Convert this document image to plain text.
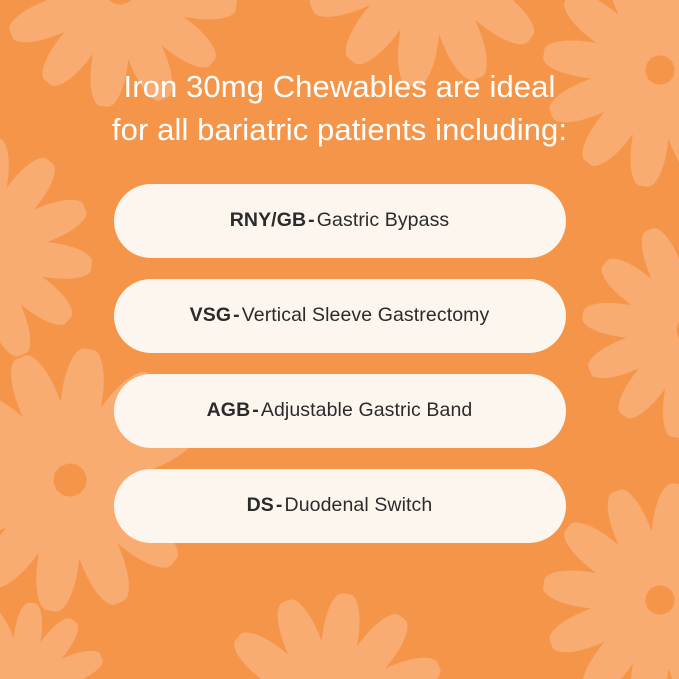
Iron 30mg Chewables are ideal
for all bariatric patients including:
RNY/GB - Gastric Bypass
VSG - Vertical Sleeve Gastrectomy
AGB - Adjustable Gastric Band
DS - Duodenal Switch
